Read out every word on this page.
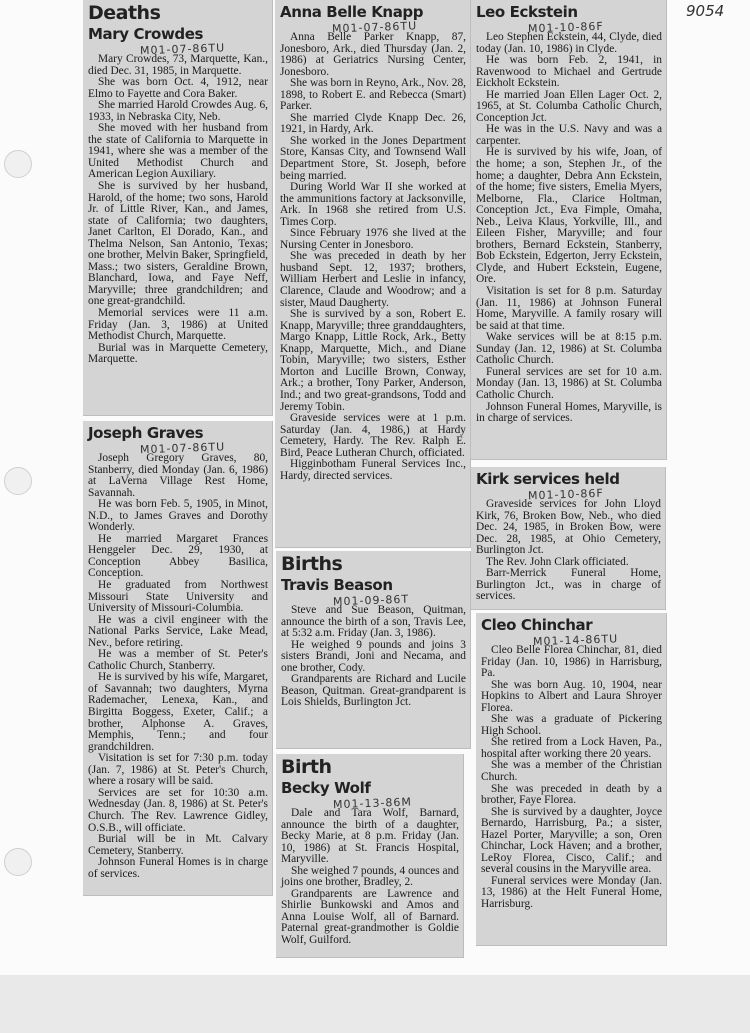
9054
Deaths
Mary Crowdes
M01-07-86TU

Mary Crowdes, 73, Marquette, Kan., died Dec. 31, 1985, in Marquette.

She was born Oct. 4, 1912, near Elmo to Fayette and Cora Baker.

She married Harold Crowdes Aug. 6, 1933, in Nebraska City, Neb.

She moved with her husband from the state of California to Marquette in 1941, where she was a member of the United Methodist Church and American Legion Auxiliary.

She is survived by her husband, Harold, of the home; two sons, Harold Jr. of Little River, Kan., and James, state of California; two daughters, Janet Carlton, El Dorado, Kan., and Thelma Nelson, San Antonio, Texas; one brother, Melvin Baker, Springfield, Mass.; two sisters, Geraldine Brown, Blanchard, Iowa, and Faye Neff, Maryville; three grandchildren; and one great-grandchild.

Memorial services were 11 a.m. Friday (Jan. 3, 1986) at United Methodist Church, Marquette.

Burial was in Marquette Cemetery, Marquette.

Joseph Graves
M01-07-86TU

Joseph Gregory Graves, 80, Stanberry, died Monday (Jan. 6, 1986) at LaVerna Village Rest Home, Savannah.

He was born Feb. 5, 1905, in Minot, N.D., to James Graves and Dorothy Wonderly.

He married Margaret Frances Henggeler Dec. 29, 1930, at Conception Abbey Basilica, Conception.

He graduated from Northwest Missouri State University and University of Missouri-Columbia.

He was a civil engineer with the National Parks Service, Lake Mead, Nev., before retiring.

He was a member of St. Peter's Catholic Church, Stanberry.

He is survived by his wife, Margaret, of Savannah; two daughters, Myrna Rademacher, Lenexa, Kan., and Birgitta Boggess, Exeter, Calif.; a brother, Alphonse A. Graves, Memphis, Tenn.; and four grandchildren.

Visitation is set for 7:30 p.m. today (Jan. 7, 1986) at St. Peter's Church, where a rosary will be said.

Services are set for 10:30 a.m. Wednesday (Jan. 8, 1986) at St. Peter's Church. The Rev. Lawrence Gidley, O.S.B., will officiate.

Burial will be in Mt. Calvary Cemetery, Stanberry.

Johnson Funeral Homes is in charge of services.

Anna Belle Knapp
M01-07-86TU

Anna Belle Parker Knapp, 87, Jonesboro, Ark., died Thursday (Jan. 2, 1986) at Geriatrics Nursing Center, Jonesboro.

She was born in Reyno, Ark., Nov. 28, 1898, to Robert E. and Rebecca (Smart) Parker.

She married Clyde Knapp Dec. 26, 1921, in Hardy, Ark.

She worked in the Jones Department Store, Kansas City, and Townsend Wall Department Store, St. Joseph, before being married.

During World War II she worked at the ammunitions factory at Jacksonville, Ark. In 1968 she retired from U.S. Times Corp.

Since February 1976 she lived at the Nursing Center in Jonesboro.

She was preceded in death by her husband Sept. 12, 1937; brothers, William Herbert and Leslie in infancy, Clarence, Claude and Woodrow; and a sister, Maud Daugherty.

She is survived by a son, Robert E. Knapp, Maryville; three granddaughters, Margo Knapp, Little Rock, Ark., Betty Knapp, Marquette, Mich., and Diane Tobin, Maryville; two sisters, Esther Morton and Lucille Brown, Conway, Ark.; a brother, Tony Parker, Anderson, Ind.; and two great-grandsons, Todd and Jeremy Tobin.

Graveside services were at 1 p.m. Saturday (Jan. 4, 1986,) at Hardy Cemetery, Hardy. The Rev. Ralph E. Bird, Peace Lutheran Church, officiated.

Higginbotham Funeral Services Inc., Hardy, directed services.

Births
Travis Beason
M01-09-86T

Steve and Sue Beason, Quitman, announce the birth of a son, Travis Lee, at 5:32 a.m. Friday (Jan. 3, 1986).

He weighed 9 pounds and joins 3 sisters Brandi, Joni and Necama, and one brother, Cody.

Grandparents are Richard and Lucile Beason, Quitman. Great-grandparent is Lois Shields, Burlington Jct.

Birth
Becky Wolf
M01-13-86M

Dale and Tara Wolf, Barnard, announce the birth of a daughter, Becky Marie, at 8 p.m. Friday (Jan. 10, 1986) at St. Francis Hospital, Maryville.

She weighed 7 pounds, 4 ounces and joins one brother, Bradley, 2.

Grandparents are Lawrence and Shirlie Bunkowski and Amos and Anna Louise Wolf, all of Barnard. Paternal great-grandmother is Goldie Wolf, Guilford.

Leo Eckstein
M01-10-86F

Leo Stephen Eckstein, 44, Clyde, died today (Jan. 10, 1986) in Clyde.

He was born Feb. 2, 1941, in Ravenwood to Michael and Gertrude Eickholt Eckstein.

He married Joan Ellen Lager Oct. 2, 1965, at St. Columba Catholic Church, Conception Jct.

He was in the U.S. Navy and was a carpenter.

He is survived by his wife, Joan, of the home; a son, Stephen Jr., of the home; a daughter, Debra Ann Eckstein, of the home; five sisters, Emelia Myers, Melborne, Fla., Clarice Holtman, Conception Jct., Eva Fimple, Omaha, Neb., Leiva Klaus, Yorkville, Ill., and Eileen Fisher, Maryville; and four brothers, Bernard Eckstein, Stanberry, Bob Eckstein, Edgerton, Jerry Eckstein, Clyde, and Hubert Eckstein, Eugene, Ore.

Visitation is set for 8 p.m. Saturday (Jan. 11, 1986) at Johnson Funeral Home, Maryville. A family rosary will be said at that time.

Wake services will be at 8:15 p.m. Sunday (Jan. 12, 1986) at St. Columba Catholic Church.

Funeral services are set for 10 a.m. Monday (Jan. 13, 1986) at St. Columba Catholic Church.

Johnson Funeral Homes, Maryville, is in charge of services.

Kirk services held
M01-10-86F

Graveside services for John Lloyd Kirk, 76, Broken Bow, Neb., who died Dec. 24, 1985, in Broken Bow, were Dec. 28, 1985, at Ohio Cemetery, Burlington Jct.

The Rev. John Clark officiated.

Barr-Merrick Funeral Home, Burlington Jct., was in charge of services.

Cleo Chinchar
M01-14-86TU

Cleo Belle Florea Chinchar, 81, died Friday (Jan. 10, 1986) in Harrisburg, Pa.

She was born Aug. 10, 1904, near Hopkins to Albert and Laura Shroyer Florea.

She was a graduate of Pickering High School.

She retired from a Lock Haven, Pa., hospital after working there 20 years.

She was a member of the Christian Church.

She was preceded in death by a brother, Faye Florea.

She is survived by a daughter, Joyce Bernardo, Harrisburg, Pa.; a sister, Hazel Porter, Maryville; a son, Oren Chinchar, Lock Haven; and a brother, LeRoy Florea, Cisco, Calif.; and several cousins in the Maryville area.

Funeral services were Monday (Jan. 13, 1986) at the Helt Funeral Home, Harrisburg.
